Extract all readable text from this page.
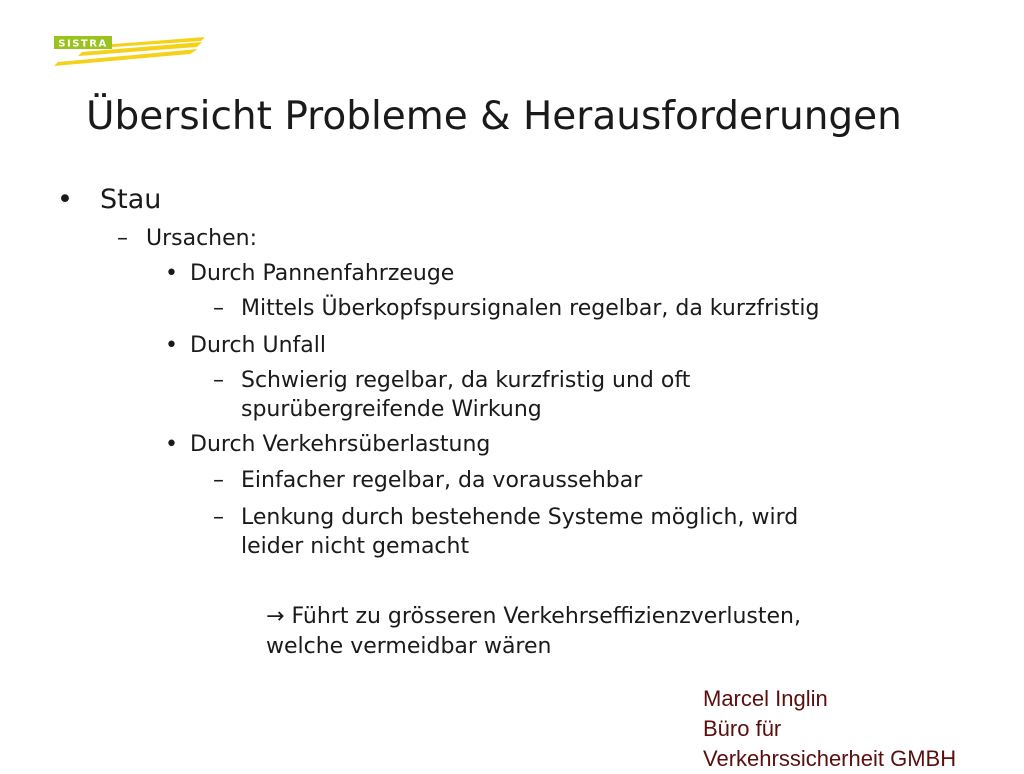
SISTRA
Übersicht Probleme & Herausforderungen
• Stau
– Ursachen:
• Durch Pannenfahrzeuge
– Mittels Überkopfspursignalen regelbar, da kurzfristig
• Durch Unfall
– Schwierig regelbar, da kurzfristig und oft
spurübergreifende Wirkung
• Durch Verkehrsüberlastung
– Einfacher regelbar, da voraussehbar
– Lenkung durch bestehende Systeme möglich, wird
leider nicht gemacht
→ Führt zu grösseren Verkehrseffizienzverlusten,
welche vermeidbar wären
Marcel Inglin
Büro für
Verkehrssicherheit GMBH
